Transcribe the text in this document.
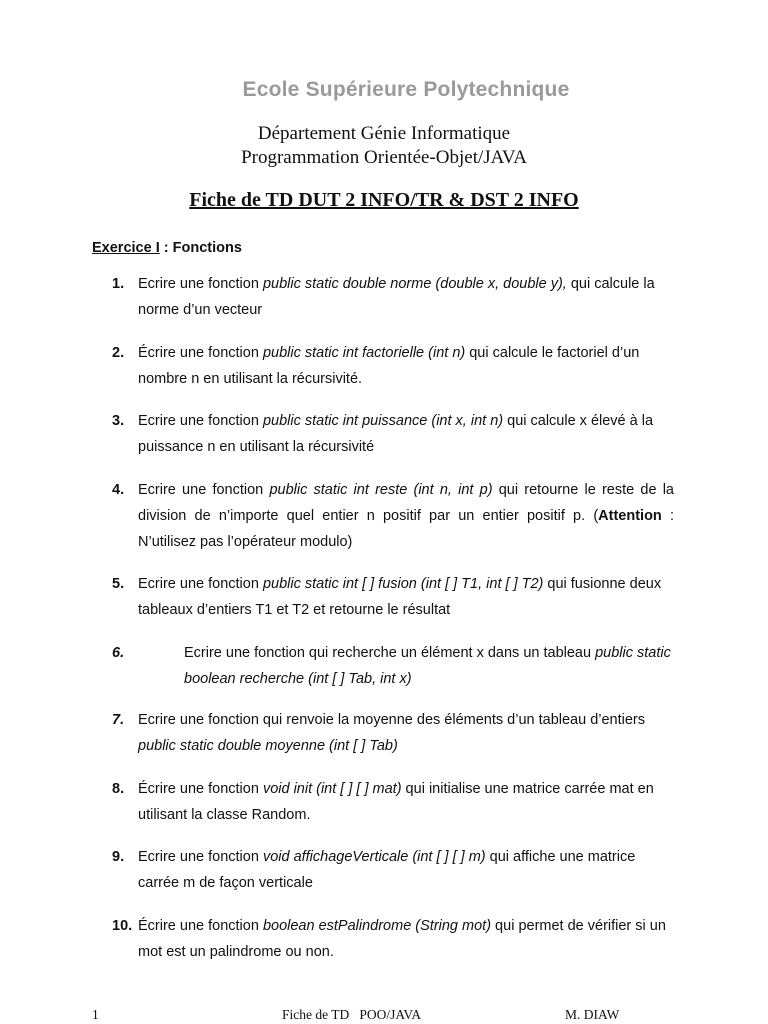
Ecole Supérieure Polytechnique
Département Génie Informatique
Programmation Orientée-Objet/JAVA
Fiche de TD DUT 2 INFO/TR & DST 2 INFO
Exercice I : Fonctions
1. Ecrire une fonction public static double norme (double x, double y), qui calcule la norme d’un vecteur
2. Écrire une fonction public static int factorielle (int n) qui calcule le factoriel d’un nombre n en utilisant la récursivité.
3. Ecrire une fonction public static int puissance (int x, int n) qui calcule x élevé à la puissance n en utilisant la récursivité
4. Ecrire une fonction public static int reste (int n, int p) qui retourne le reste de la division de n’importe quel entier n positif par un entier positif p. (Attention : N’utilisez pas l’opérateur modulo)
5. Ecrire une fonction public static int [ ] fusion (int [ ] T1, int [ ] T2) qui fusionne deux tableaux d’entiers T1 et T2 et retourne le résultat
6.	Ecrire une fonction qui recherche un élément x dans un tableau public static boolean recherche (int [ ] Tab, int x)
7. Ecrire une fonction qui renvoie la moyenne des éléments d’un tableau d’entiers public static double moyenne (int [ ] Tab)
8. Écrire une fonction void init (int [ ] [ ] mat) qui initialise une matrice carrée mat en utilisant la classe Random.
9. Ecrire une fonction void affichageVerticale (int [ ] [ ] m) qui affiche une matrice carrée m de façon verticale
10. Écrire une fonction boolean estPalindrome (String mot) qui permet de vérifier si un mot est un palindrome ou non.
1	Fiche de TD   POO/JAVA	M. DIAW
